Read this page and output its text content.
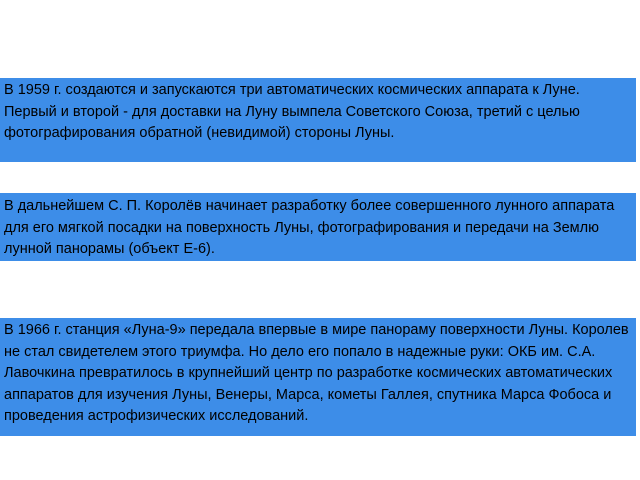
В 1959 г. создаются и запускаются три автоматических космических аппарата к Луне. Первый и второй - для доставки на Луну вымпела Советского Союза, третий с целью фотографирования обратной (невидимой) стороны Луны.
В дальнейшем С. П. Королёв начинает разработку более совершенного лунного аппарата для его мягкой посадки на поверхность Луны, фотографирования и передачи на Землю лунной панорамы (объект Е-6).
В 1966 г. станция «Луна-9» передала впервые в мире панораму поверхности Луны. Королев не стал свидетелем этого триумфа. Но дело его попало в надежные руки: ОКБ им. С.А. Лавочкина превратилось в крупнейший центр по разработке космических автоматических аппаратов для изучения Луны, Венеры, Марса, кометы Галлея, спутника Марса Фобоса и проведения астрофизических исследований.
